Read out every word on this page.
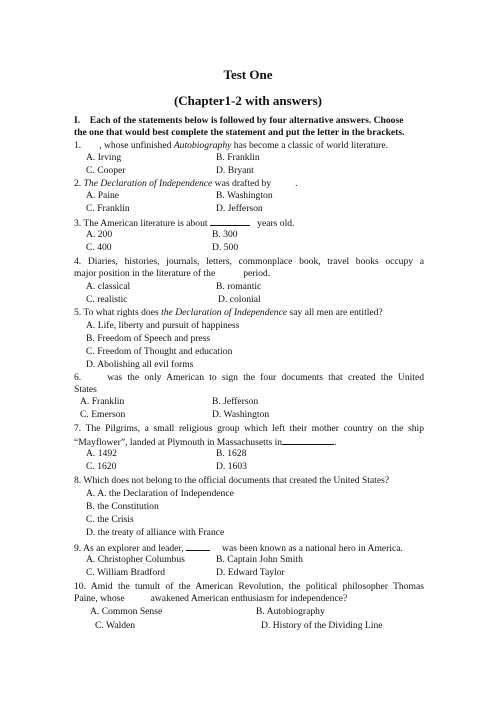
Test One
(Chapter1-2 with answers)
I. Each of the statements below is followed by four alternative answers. Choose
the one that would best complete the statement and put the letter in the brackets.
1. , whose unfinished Autobiography has become a classic of world literature.
A. Irving	B. Franklin
C. Cooper	D. Bryant
2. The Declaration of Independence was drafted by	.
A. Paine	B. Washington
C. Franklin	D. Jefferson
3. The American literature is about	years old.
A. 200	B. 300
C. 400	D. 500
4. Diaries, histories, journals, letters, commonplace book, travel books occupy a
major position in the literature of the	period.
A. classical	B. romantic
C. realistic	D. colonial
5. To what rights does the Declaration of Independence say all men are entitled?
A. Life, liberty and pursuit of happiness
B. Freedom of Speech and press
C. Freedom of Thought and education
D. Abolishing all evil forms
6.	was the only American to sign the four documents that created the United
States
A. Franklin	B. Jefferson
C. Emerson	D. Washington
7. The Pilgrims, a small religious group which left their mother country on the ship
“Mayflower”, landed at Plymouth in Massachusetts in	.
A. 1492	B. 1628
C. 1620	D. 1603
8. Which does not belong to the official documents that created the United States?
A. A. the Declaration of Independence
B. the Constitution
C. the Crisis
D. the treaty of alliance with France
9. As an explorer and leader,	was been known as a national hero in America.
A. Christopher Columbus	B. Captain John Smith
C. William Bradford	D. Edward Taylor
10. Amid the tumult of the American Revolution, the political philosopher Thomas
Paine, whose	awakened American enthusiasm for independence?
A. Common Sense	B. Autobiography
C. Walden	D. History of the Dividing Line
